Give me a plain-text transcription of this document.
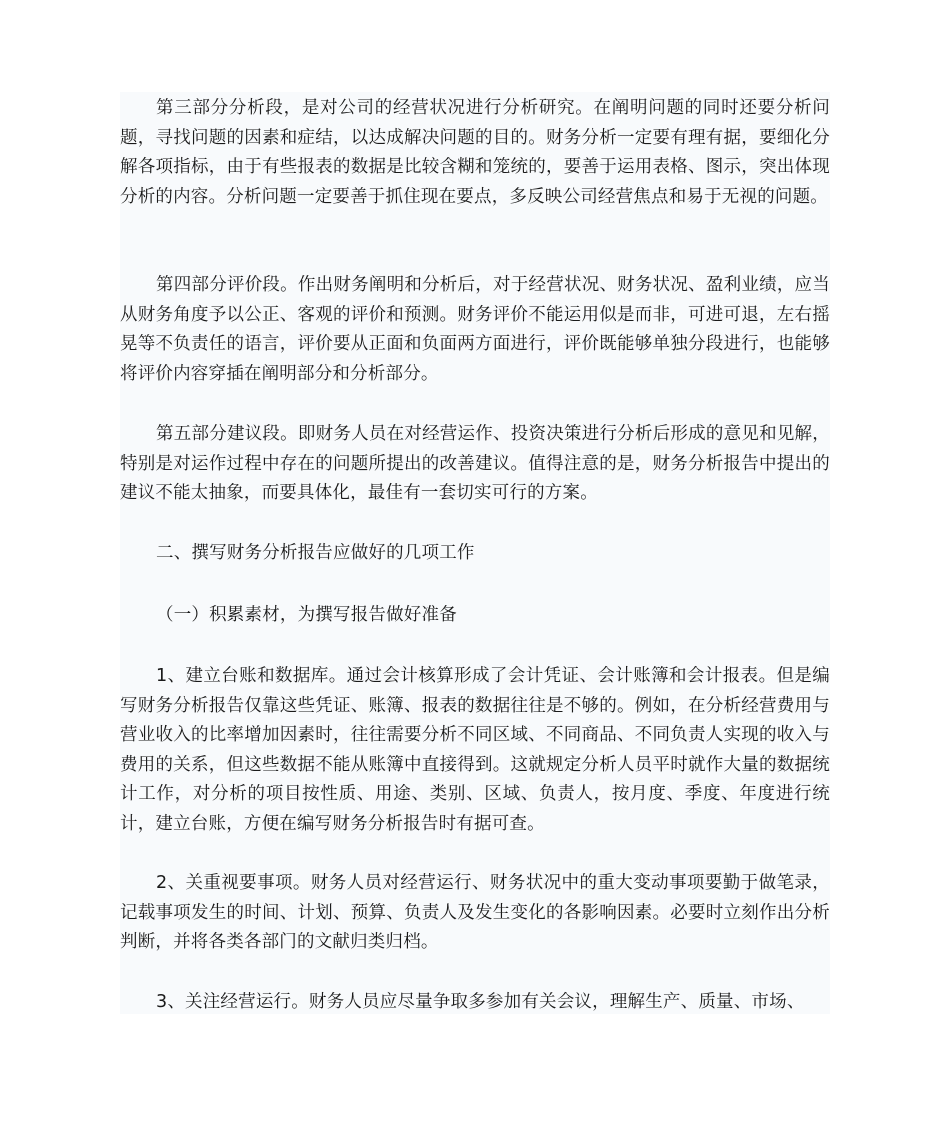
第三部分分析段，是对公司的经营状况进行分析研究。在阐明问题的同时还要分析问题，寻找问题的因素和症结，以达成解决问题的目的。财务分析一定要有理有据，要细化分解各项指标，由于有些报表的数据是比较含糊和笼统的，要善于运用表格、图示，突出体现分析的内容。分析问题一定要善于抓住现在要点，多反映公司经营焦点和易于无视的问题。

第四部分评价段。作出财务阐明和分析后，对于经营状况、财务状况、盈利业绩，应当从财务角度予以公正、客观的评价和预测。财务评价不能运用似是而非，可进可退，左右摇晃等不负责任的语言，评价要从正面和负面两方面进行，评价既能够单独分段进行，也能够将评价内容穿插在阐明部分和分析部分。

第五部分建议段。即财务人员在对经营运作、投资决策进行分析后形成的意见和见解，特别是对运作过程中存在的问题所提出的改善建议。值得注意的是，财务分析报告中提出的建议不能太抽象，而要具体化，最佳有一套切实可行的方案。

二、撰写财务分析报告应做好的几项工作

（一）积累素材，为撰写报告做好准备

1、建立台账和数据库。通过会计核算形成了会计凭证、会计账簿和会计报表。但是编写财务分析报告仅靠这些凭证、账簿、报表的数据往往是不够的。例如，在分析经营费用与营业收入的比率增加因素时，往往需要分析不同区域、不同商品、不同负责人实现的收入与费用的关系，但这些数据不能从账簿中直接得到。这就规定分析人员平时就作大量的数据统计工作，对分析的项目按性质、用途、类别、区域、负责人，按月度、季度、年度进行统计，建立台账，方便在编写财务分析报告时有据可查。

2、关重视要事项。财务人员对经营运行、财务状况中的重大变动事项要勤于做笔录，记载事项发生的时间、计划、预算、负责人及发生变化的各影响因素。必要时立刻作出分析判断，并将各类各部门的文献归类归档。

3、关注经营运行。财务人员应尽量争取多参加有关会议，理解生产、质量、市场、
